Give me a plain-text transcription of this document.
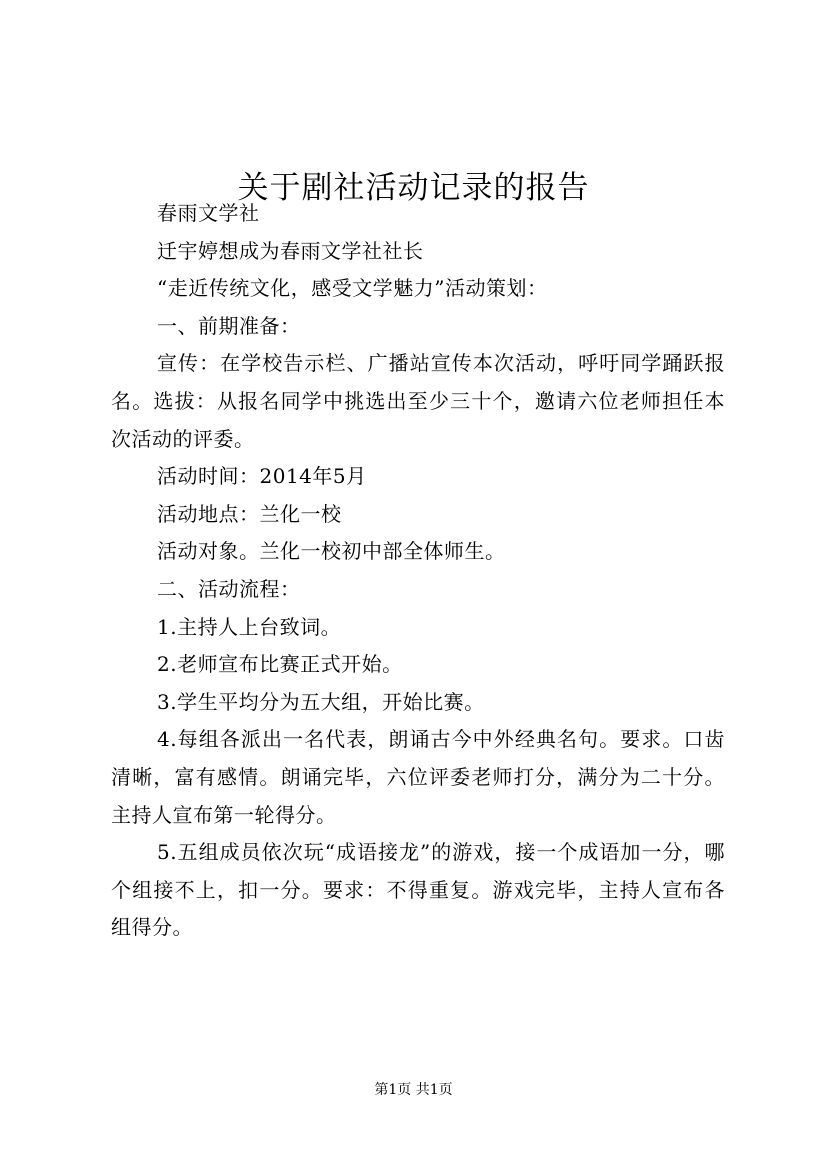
关于剧社活动记录的报告

春雨文学社

迁宇婷想成为春雨文学社社长

“走近传统文化，感受文学魅力”活动策划：

一、前期准备：

宣传：在学校告示栏、广播站宣传本次活动，呼吁同学踊跃报名。选拔：从报名同学中挑选出至少三十个，邀请六位老师担任本次活动的评委。

活动时间：2014年5月

活动地点：兰化一校

活动对象。兰化一校初中部全体师生。

二、活动流程：

1.主持人上台致词。

2.老师宣布比赛正式开始。

3.学生平均分为五大组，开始比赛。

4.每组各派出一名代表，朗诵古今中外经典名句。要求。口齿清晰，富有感情。朗诵完毕，六位评委老师打分，满分为二十分。主持人宣布第一轮得分。

5.五组成员依次玩“成语接龙”的游戏，接一个成语加一分，哪个组接不上，扣一分。要求：不得重复。游戏完毕，主持人宣布各组得分。

第1页 共1页
